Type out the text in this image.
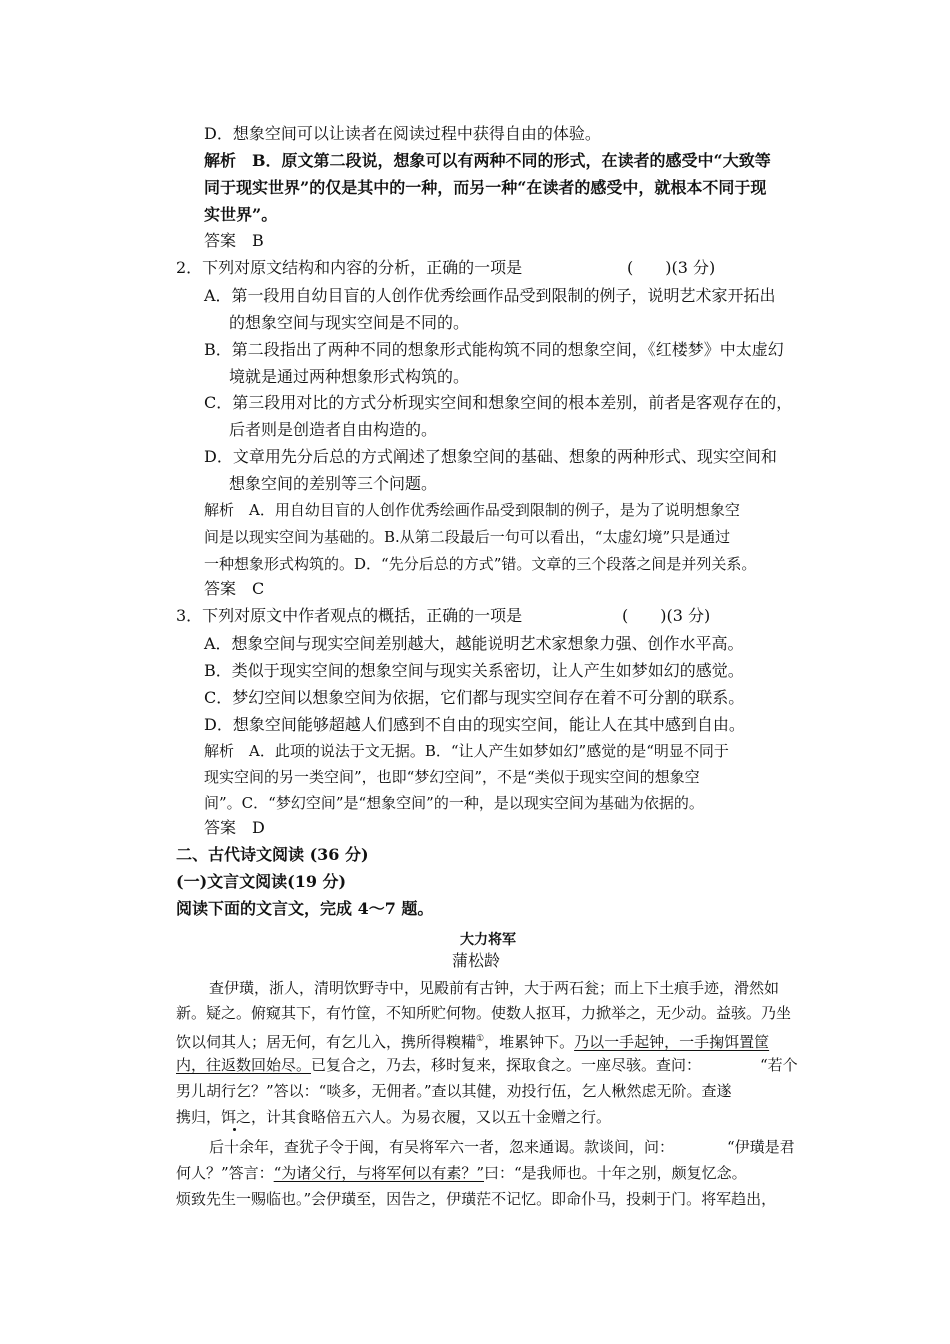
D．想象空间可以让读者在阅读过程中获得自由的体验。
解析　B．原文第二段说，想象可以有两种不同的形式，在读者的感受中“大致等
同于现实世界”的仅是其中的一种，而另一种“在读者的感受中，就根本不同于现
实世界”。
答案　B
2．下列对原文结构和内容的分析，正确的一项是	(　　)(3 分)
A．第一段用自幼目盲的人创作优秀绘画作品受到限制的例子，说明艺术家开拓出
的想象空间与现实空间是不同的。
B．第二段指出了两种不同的想象形式能构筑不同的想象空间，《红楼梦》中太虚幻
境就是通过两种想象形式构筑的。
C．第三段用对比的方式分析现实空间和想象空间的根本差别，前者是客观存在的，
后者则是创造者自由构造的。
D．文章用先分后总的方式阐述了想象空间的基础、想象的两种形式、现实空间和
想象空间的差别等三个问题。
解析　A．用自幼目盲的人创作优秀绘画作品受到限制的例子，是为了说明想象空
间是以现实空间为基础的。B.从第二段最后一句可以看出，“太虚幻境”只是通过
一种想象形式构筑的。D．“先分后总的方式”错。文章的三个段落之间是并列关系。
答案　C
3．下列对原文中作者观点的概括，正确的一项是	(　　)(3 分)
A．想象空间与现实空间差别越大，越能说明艺术家想象力强、创作水平高。
B．类似于现实空间的想象空间与现实关系密切，让人产生如梦如幻的感觉。
C．梦幻空间以想象空间为依据，它们都与现实空间存在着不可分割的联系。
D．想象空间能够超越人们感到不自由的现实空间，能让人在其中感到自由。
解析　A．此项的说法于文无据。B．“让人产生如梦如幻”感觉的是“明显不同于
现实空间的另一类空间”，也即“梦幻空间”，不是“类似于现实空间的想象空
间”。C．“梦幻空间”是“想象空间”的一种，是以现实空间为基础为依据的。
答案　D
二、古代诗文阅读 (36 分)
(一)文言文阅读(19 分)
阅读下面的文言文，完成 4～7 题。
大力将军
蒲松龄
查伊璜，浙人，清明饮野寺中，见殿前有古钟，大于两石瓮；而上下土痕手迹，滑然如
新。疑之。俯窥其下，有竹筐，不知所贮何物。使数人抠耳，力掀举之，无少动。益骇。乃坐
饮以伺其人；居无何，有乞儿入，携所得糗糒①，堆累钟下。乃以一手起钟，一手掬饵置筐
内，往返数回始尽。已复合之，乃去，移时复来，探取食之。一座尽骇。查问：	“若个
男儿胡行乞？”答以：“啖多，无佣者。”查以其健，劝投行伍，乞人楸然虑无阶。查遂
携归，饵之，计其食略倍五六人。为易衣履，又以五十金赠之行。
后十余年，查犹子令于闽，有吴将军六一者，忽来通谒。款谈间，问：	“伊璜是君
何人？”答言：“为诸父行，与将军何以有素？”曰：“是我师也。十年之别，颇复忆念。
烦致先生一赐临也。”会伊璜至，因告之，伊璜茫不记忆。即命仆马，投刺于门。将军趋出，
